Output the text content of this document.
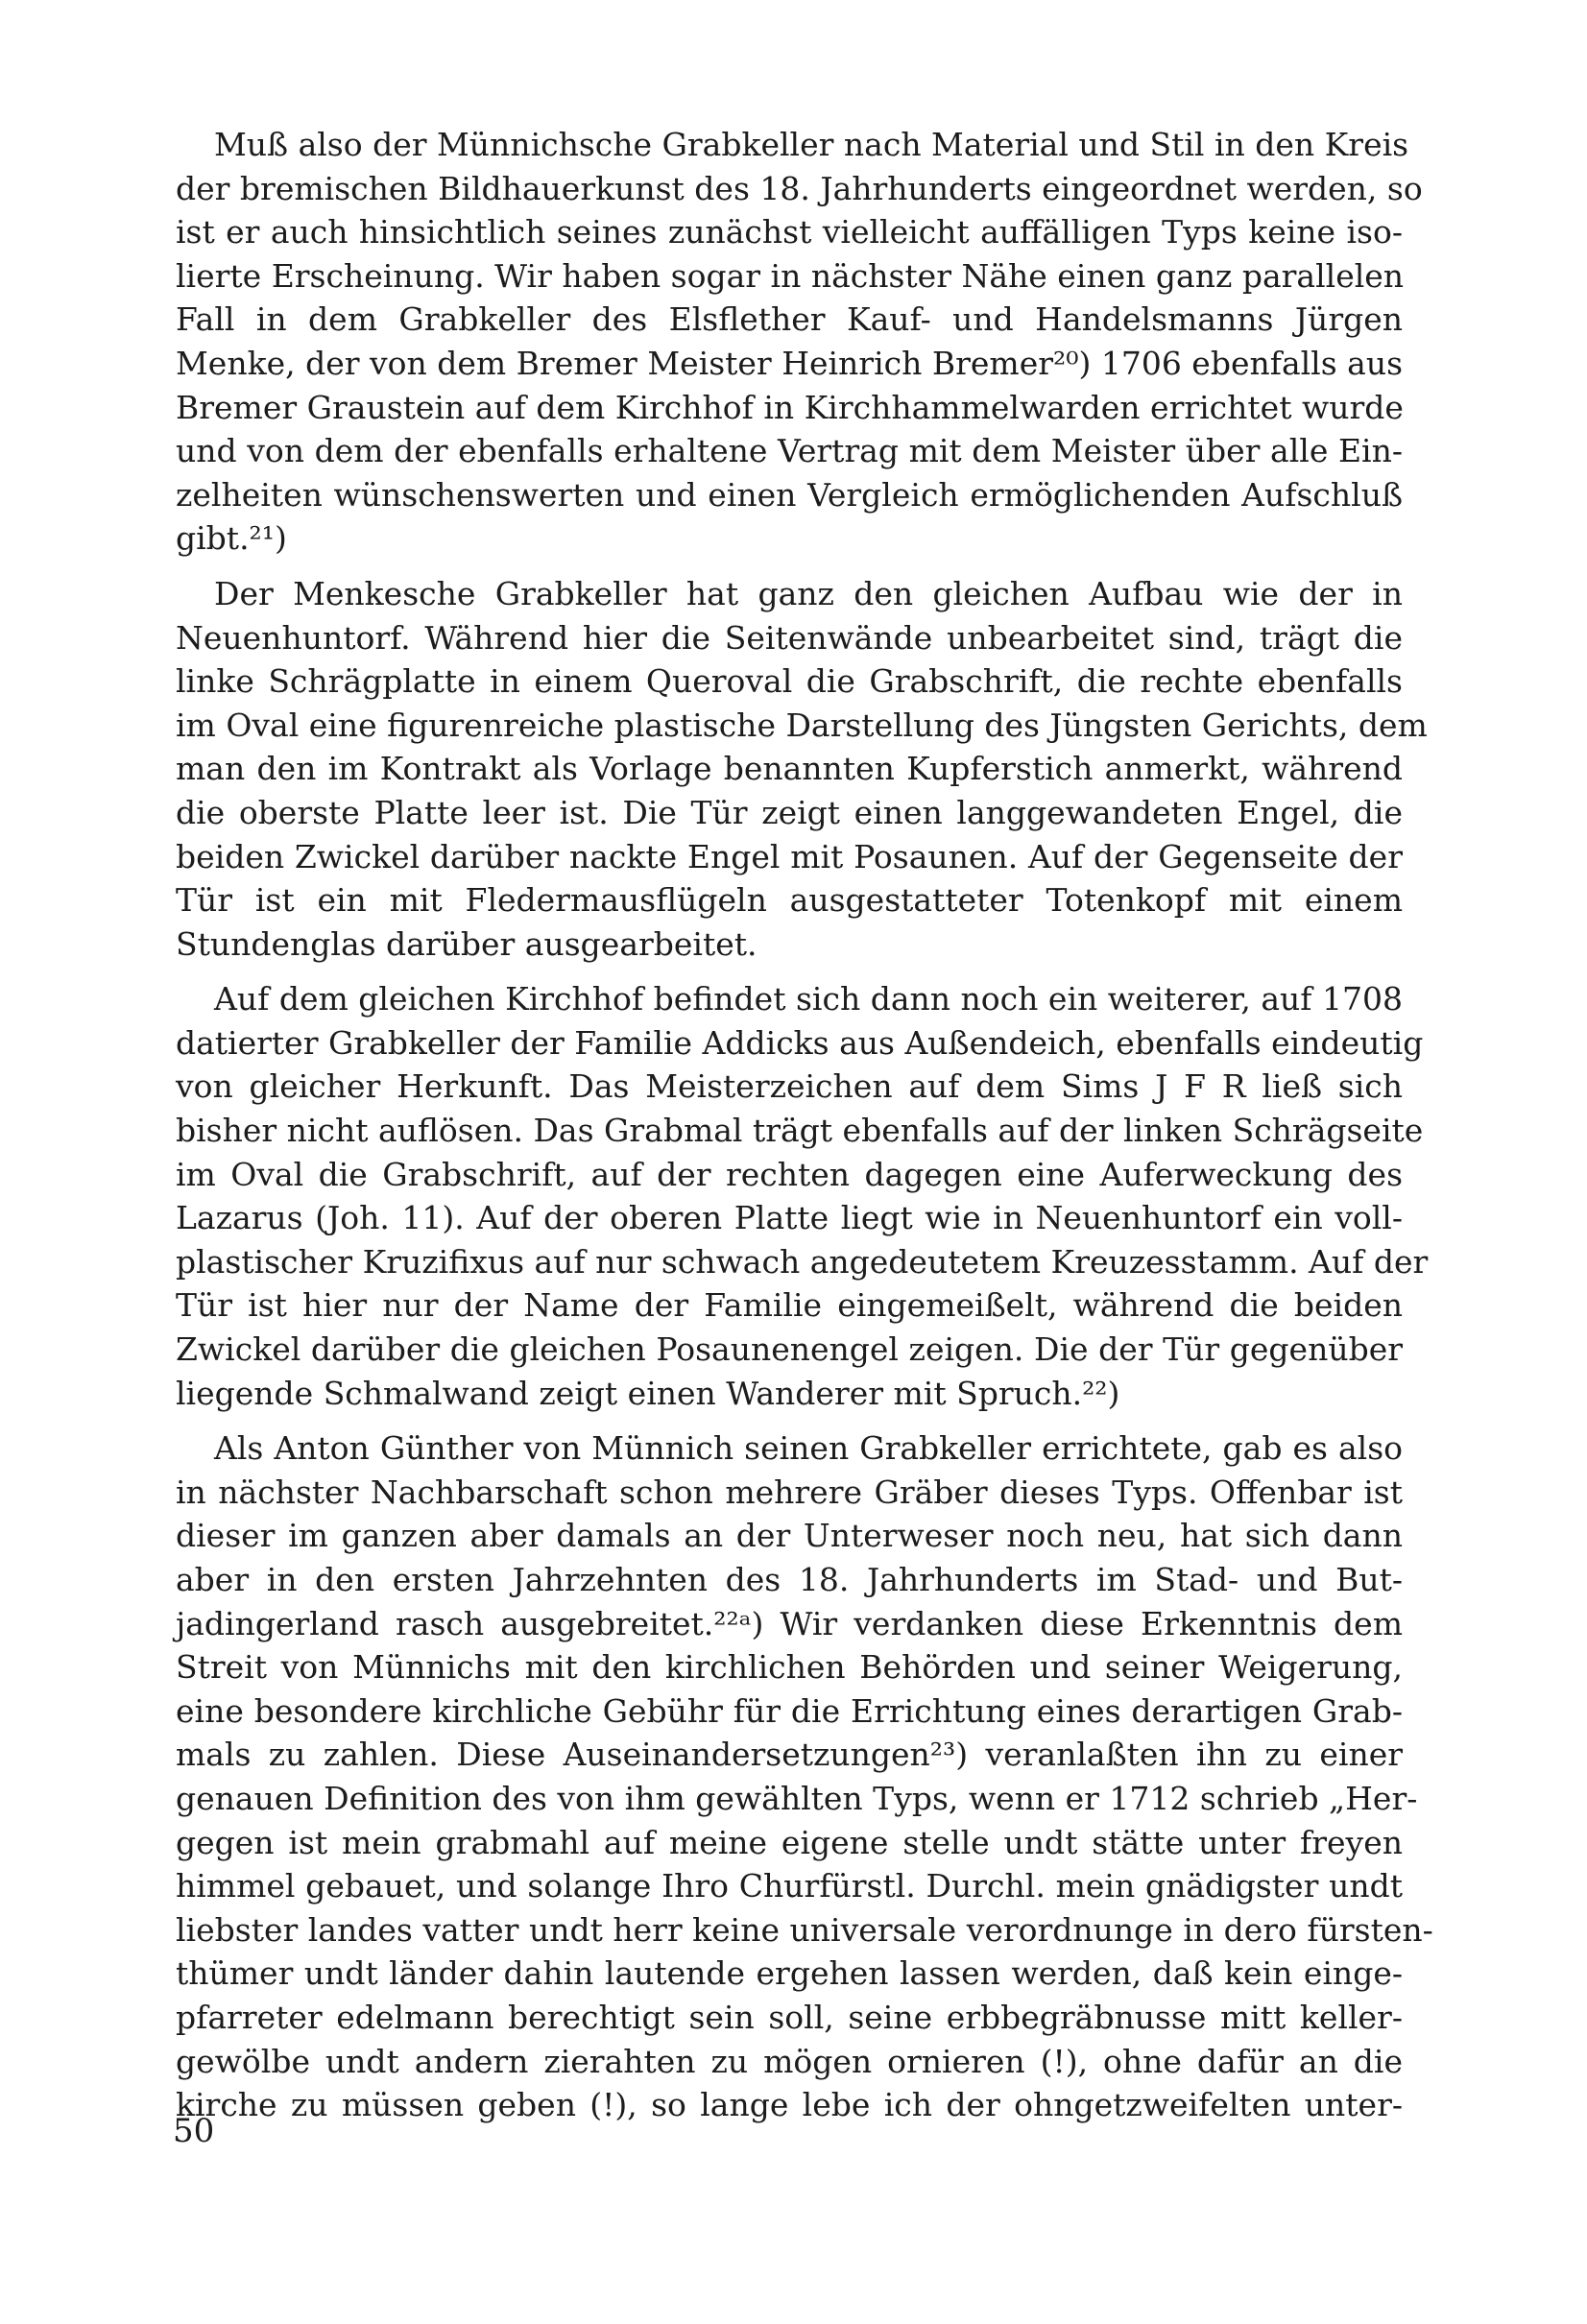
Muß also der Münnichsche Grabkeller nach Material und Stil in den Kreis
der bremischen Bildhauerkunst des 18. Jahrhunderts eingeordnet werden, so
ist er auch hinsichtlich seines zunächst vielleicht auffälligen Typs keine iso-
lierte Erscheinung. Wir haben sogar in nächster Nähe einen ganz parallelen
Fall in dem Grabkeller des Elsflether Kauf- und Handelsmanns Jürgen
Menke, der von dem Bremer Meister Heinrich Bremer²⁰) 1706 ebenfalls aus
Bremer Graustein auf dem Kirchhof in Kirchhammelwarden errichtet wurde
und von dem der ebenfalls erhaltene Vertrag mit dem Meister über alle Ein-
zelheiten wünschenswerten und einen Vergleich ermöglichenden Aufschluß
gibt.²¹)
Der Menkesche Grabkeller hat ganz den gleichen Aufbau wie der in
Neuenhuntorf. Während hier die Seitenwände unbearbeitet sind, trägt die
linke Schrägplatte in einem Queroval die Grabschrift, die rechte ebenfalls
im Oval eine figurenreiche plastische Darstellung des Jüngsten Gerichts, dem
man den im Kontrakt als Vorlage benannten Kupferstich anmerkt, während
die oberste Platte leer ist. Die Tür zeigt einen langgewandeten Engel, die
beiden Zwickel darüber nackte Engel mit Posaunen. Auf der Gegenseite der
Tür ist ein mit Fledermausflügeln ausgestatteter Totenkopf mit einem
Stundenglas darüber ausgearbeitet.
Auf dem gleichen Kirchhof befindet sich dann noch ein weiterer, auf 1708
datierter Grabkeller der Familie Addicks aus Außendeich, ebenfalls eindeutig
von gleicher Herkunft. Das Meisterzeichen auf dem Sims J F R ließ sich
bisher nicht auflösen. Das Grabmal trägt ebenfalls auf der linken Schrägseite
im Oval die Grabschrift, auf der rechten dagegen eine Auferweckung des
Lazarus (Joh. 11). Auf der oberen Platte liegt wie in Neuenhuntorf ein voll-
plastischer Kruzifixus auf nur schwach angedeutetem Kreuzesstamm. Auf der
Tür ist hier nur der Name der Familie eingemeißelt, während die beiden
Zwickel darüber die gleichen Posaunenengel zeigen. Die der Tür gegenüber
liegende Schmalwand zeigt einen Wanderer mit Spruch.²²)
Als Anton Günther von Münnich seinen Grabkeller errichtete, gab es also
in nächster Nachbarschaft schon mehrere Gräber dieses Typs. Offenbar ist
dieser im ganzen aber damals an der Unterweser noch neu, hat sich dann
aber in den ersten Jahrzehnten des 18. Jahrhunderts im Stad- und But-
jadingerland rasch ausgebreitet.²²ᵃ) Wir verdanken diese Erkenntnis dem
Streit von Münnichs mit den kirchlichen Behörden und seiner Weigerung,
eine besondere kirchliche Gebühr für die Errichtung eines derartigen Grab-
mals zu zahlen. Diese Auseinandersetzungen²³) veranlaßten ihn zu einer
genauen Definition des von ihm gewählten Typs, wenn er 1712 schrieb „Her-
gegen ist mein grabmahl auf meine eigene stelle undt stätte unter freyen
himmel gebauet, und solange Ihro Churfürstl. Durchl. mein gnädigster undt
liebster landes vatter undt herr keine universale verordnunge in dero fürsten-
thümer undt länder dahin lautende ergehen lassen werden, daß kein einge-
pfarreter edelmann berechtigt sein soll, seine erbbegräbnusse mitt keller-
gewölbe undt andern zierahten zu mögen ornieren (!), ohne dafür an die
kirche zu müssen geben (!), so lange lebe ich der ohngetzweifelten unter-
50
